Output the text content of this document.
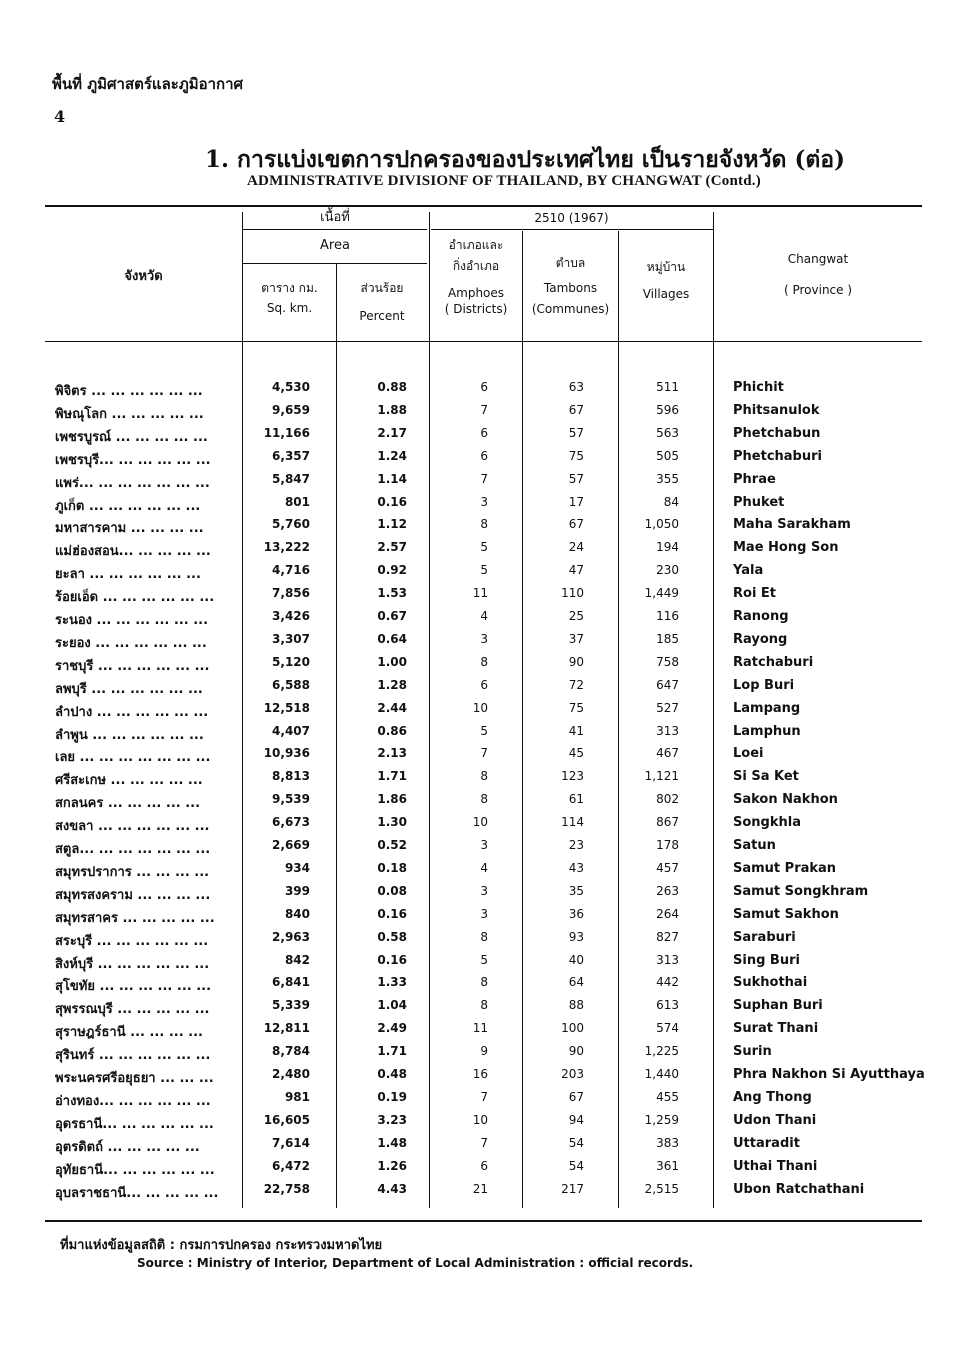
พื้นที่ ภูมิศาสตร์และภูมิอากาศ
4
1. การแบ่งเขตการปกครองของประเทศไทย เป็นรายจังหวัด (ต่อ)
ADMINISTRATIVE DIVISIONF OF THAILAND, BY CHANGWAT (Contd.)
จังหวัด
เนื้อที่
Area
ตาราง กม.
Sq. km.
ส่วนร้อย
Percent
2510 (1967)
อำเภอและ
กิ่งอำเภอ
Amphoes
( Districts)
ตำบล
Tambons
(Communes)
หมู่บ้าน
Villages
Changwat
( Province )
พิจิตร ... ... ... ... ... ...	4,530	0.88	6	63	511	Phichit
พิษณุโลก ... ... ... ... ...	9,659	1.88	7	67	596	Phitsanulok
เพชรบูรณ์ ... ... ... ... ...	11,166	2.17	6	57	563	Phetchabun
เพชรบุรี... ... ... ... ... ...	6,357	1.24	6	75	505	Phetchaburi
แพร่... ... ... ... ... ... ...	5,847	1.14	7	57	355	Phrae
ภูเก็ต ... ... ... ... ... ...	801	0.16	3	17	84	Phuket
มหาสารคาม ... ... ... ...	5,760	1.12	8	67	1,050	Maha Sarakham
แม่ฮ่องสอน... ... ... ... ...	13,222	2.57	5	24	194	Mae Hong Son
ยะลา ... ... ... ... ... ...	4,716	0.92	5	47	230	Yala
ร้อยเอ็ด ... ... ... ... ... ...	7,856	1.53	11	110	1,449	Roi Et
ระนอง ... ... ... ... ... ...	3,426	0.67	4	25	116	Ranong
ระยอง ... ... ... ... ... ...	3,307	0.64	3	37	185	Rayong
ราชบุรี ... ... ... ... ... ...	5,120	1.00	8	90	758	Ratchaburi
ลพบุรี ... ... ... ... ... ...	6,588	1.28	6	72	647	Lop Buri
ลำปาง ... ... ... ... ... ...	12,518	2.44	10	75	527	Lampang
ลำพูน ... ... ... ... ... ...	4,407	0.86	5	41	313	Lamphun
เลย ... ... ... ... ... ... ...	10,936	2.13	7	45	467	Loei
ศรีสะเกษ ... ... ... ... ...	8,813	1.71	8	123	1,121	Si Sa Ket
สกลนคร ... ... ... ... ...	9,539	1.86	8	61	802	Sakon Nakhon
สงขลา ... ... ... ... ... ...	6,673	1.30	10	114	867	Songkhla
สตูล... ... ... ... ... ... ...	2,669	0.52	3	23	178	Satun
สมุทรปราการ ... ... ... ...	934	0.18	4	43	457	Samut Prakan
สมุทรสงคราม ... ... ... ...	399	0.08	3	35	263	Samut Songkhram
สมุทรสาคร ... ... ... ... ...	840	0.16	3	36	264	Samut Sakhon
สระบุรี ... ... ... ... ... ...	2,963	0.58	8	93	827	Saraburi
สิงห์บุรี ... ... ... ... ... ...	842	0.16	5	40	313	Sing Buri
สุโขทัย ... ... ... ... ... ...	6,841	1.33	8	64	442	Sukhothai
สุพรรณบุรี ... ... ... ... ...	5,339	1.04	8	88	613	Suphan Buri
สุราษฎร์ธานี ... ... ... ...	12,811	2.49	11	100	574	Surat Thani
สุรินทร์ ... ... ... ... ... ...	8,784	1.71	9	90	1,225	Surin
พระนครศรีอยุธยา ... ... ...	2,480	0.48	16	203	1,440	Phra Nakhon Si Ayutthaya
อ่างทอง... ... ... ... ... ...	981	0.19	7	67	455	Ang Thong
อุดรธานี... ... ... ... ... ...	16,605	3.23	10	94	1,259	Udon Thani
อุตรดิตถ์ ... ... ... ... ...	7,614	1.48	7	54	383	Uttaradit
อุทัยธานี... ... ... ... ... ...	6,472	1.26	6	54	361	Uthai Thani
อุบลราชธานี... ... ... ... ...	22,758	4.43	21	217	2,515	Ubon Ratchathani
ที่มาแห่งข้อมูลสถิติ : กรมการปกครอง กระทรวงมหาดไทย
Source : Ministry of Interior, Department of Local Administration : official records.
